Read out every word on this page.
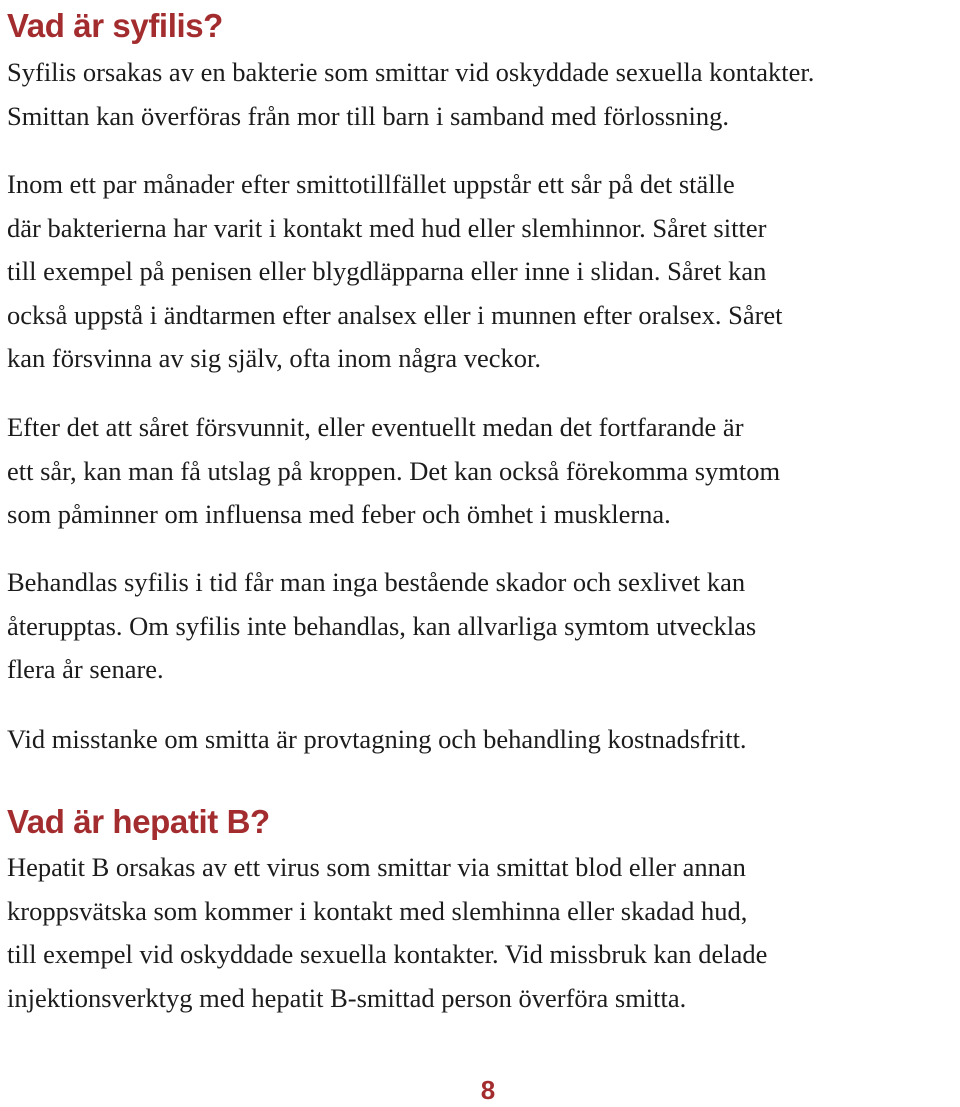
Vad är syfilis?

Syfilis orsakas av en bakterie som smittar vid oskyddade sexuella kontakter.
Smittan kan överföras från mor till barn i samband med förlossning.

Inom ett par månader efter smittotillfället uppstår ett sår på det ställe
där bakterierna har varit i kontakt med hud eller slemhinnor. Såret sitter
till exempel på penisen eller blygdläpparna eller inne i slidan. Såret kan
också uppstå i ändtarmen efter analsex eller i munnen efter oralsex. Såret
kan försvinna av sig själv, ofta inom några veckor.

Efter det att såret försvunnit, eller eventuellt medan det fortfarande är
ett sår, kan man få utslag på kroppen. Det kan också förekomma symtom
som påminner om influensa med feber och ömhet i musklerna.

Behandlas syfilis i tid får man inga bestående skador och sexlivet kan
återupptas. Om syfilis inte behandlas, kan allvarliga symtom utvecklas
flera år senare.

Vid misstanke om smitta är provtagning och behandling kostnadsfritt.

Vad är hepatit B?

Hepatit B orsakas av ett virus som smittar via smittat blod eller annan
kroppsvätska som kommer i kontakt med slemhinna eller skadad hud,
till exempel vid oskyddade sexuella kontakter. Vid missbruk kan delade
injektionsverktyg med hepatit B-smittad person överföra smitta.

8
